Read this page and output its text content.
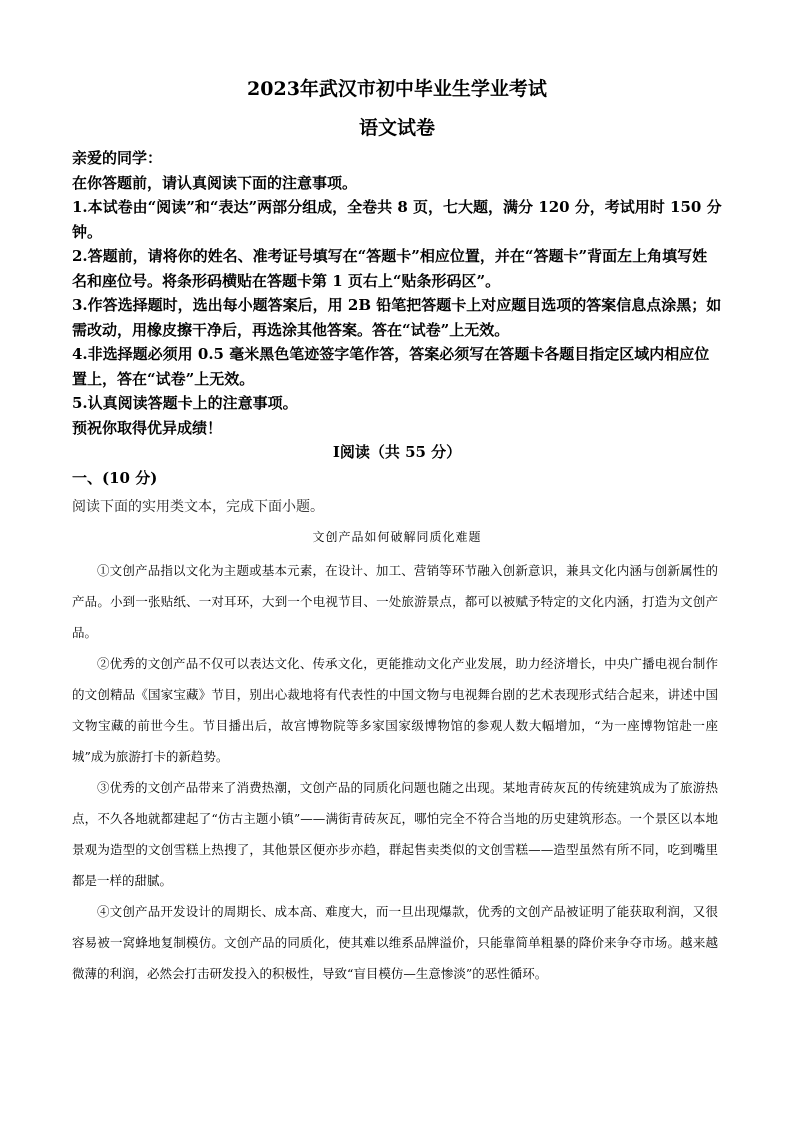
2023年武汉市初中毕业生学业考试
语文试卷

亲爱的同学：

在你答题前，请认真阅读下面的注意事项。

1.本试卷由“阅读”和“表达”两部分组成，全卷共 8 页，七大题，满分 120 分，考试用时 150 分钟。

2.答题前，请将你的姓名、准考证号填写在“答题卡”相应位置，并在“答题卡”背面左上角填写姓名和座位号。将条形码横贴在答题卡第 1 页右上“贴条形码区”。

3.作答选择题时，选出每小题答案后，用 2B 铅笔把答题卡上对应题目选项的答案信息点涂黑；如需改动，用橡皮擦干净后，再选涂其他答案。答在“试卷”上无效。

4.非选择题必须用 0.5 毫米黑色笔迹签字笔作答，答案必须写在答题卡各题目指定区域内相应位置上，答在“试卷”上无效。

5.认真阅读答题卡上的注意事项。

预祝你取得优异成绩！

Ⅰ阅读（共 55 分）
一、(10 分)
阅读下面的实用类文本，完成下面小题。
文创产品如何破解同质化难题

①文创产品指以文化为主题或基本元素，在设计、加工、营销等环节融入创新意识，兼具文化内涵与创新属性的产品。小到一张贴纸、一对耳环，大到一个电视节目、一处旅游景点，都可以被赋予特定的文化内涵，打造为文创产品。

②优秀的文创产品不仅可以表达文化、传承文化，更能推动文化产业发展，助力经济增长，中央广播电视台制作的文创精品《国家宝藏》节目，别出心裁地将有代表性的中国文物与电视舞台剧的艺术表现形式结合起来，讲述中国文物宝藏的前世今生。节目播出后，故宫博物院等多家国家级博物馆的参观人数大幅增加，“为一座博物馆赴一座城”成为旅游打卡的新趋势。

③优秀的文创产品带来了消费热潮，文创产品的同质化问题也随之出现。某地青砖灰瓦的传统建筑成为了旅游热点，不久各地就都建起了“仿古主题小镇”——满街青砖灰瓦，哪怕完全不符合当地的历史建筑形态。一个景区以本地景观为造型的文创雪糕上热搜了，其他景区便亦步亦趋，群起售卖类似的文创雪糕——造型虽然有所不同，吃到嘴里都是一样的甜腻。

④文创产品开发设计的周期长、成本高、难度大，而一旦出现爆款，优秀的文创产品被证明了能获取利润，又很容易被一窝蜂地复制模仿。文创产品的同质化，使其难以维系品牌溢价，只能靠简单粗暴的降价来争夺市场。越来越微薄的利润，必然会打击研发投入的积极性，导致“盲目模仿—生意惨淡”的恶性循环。
